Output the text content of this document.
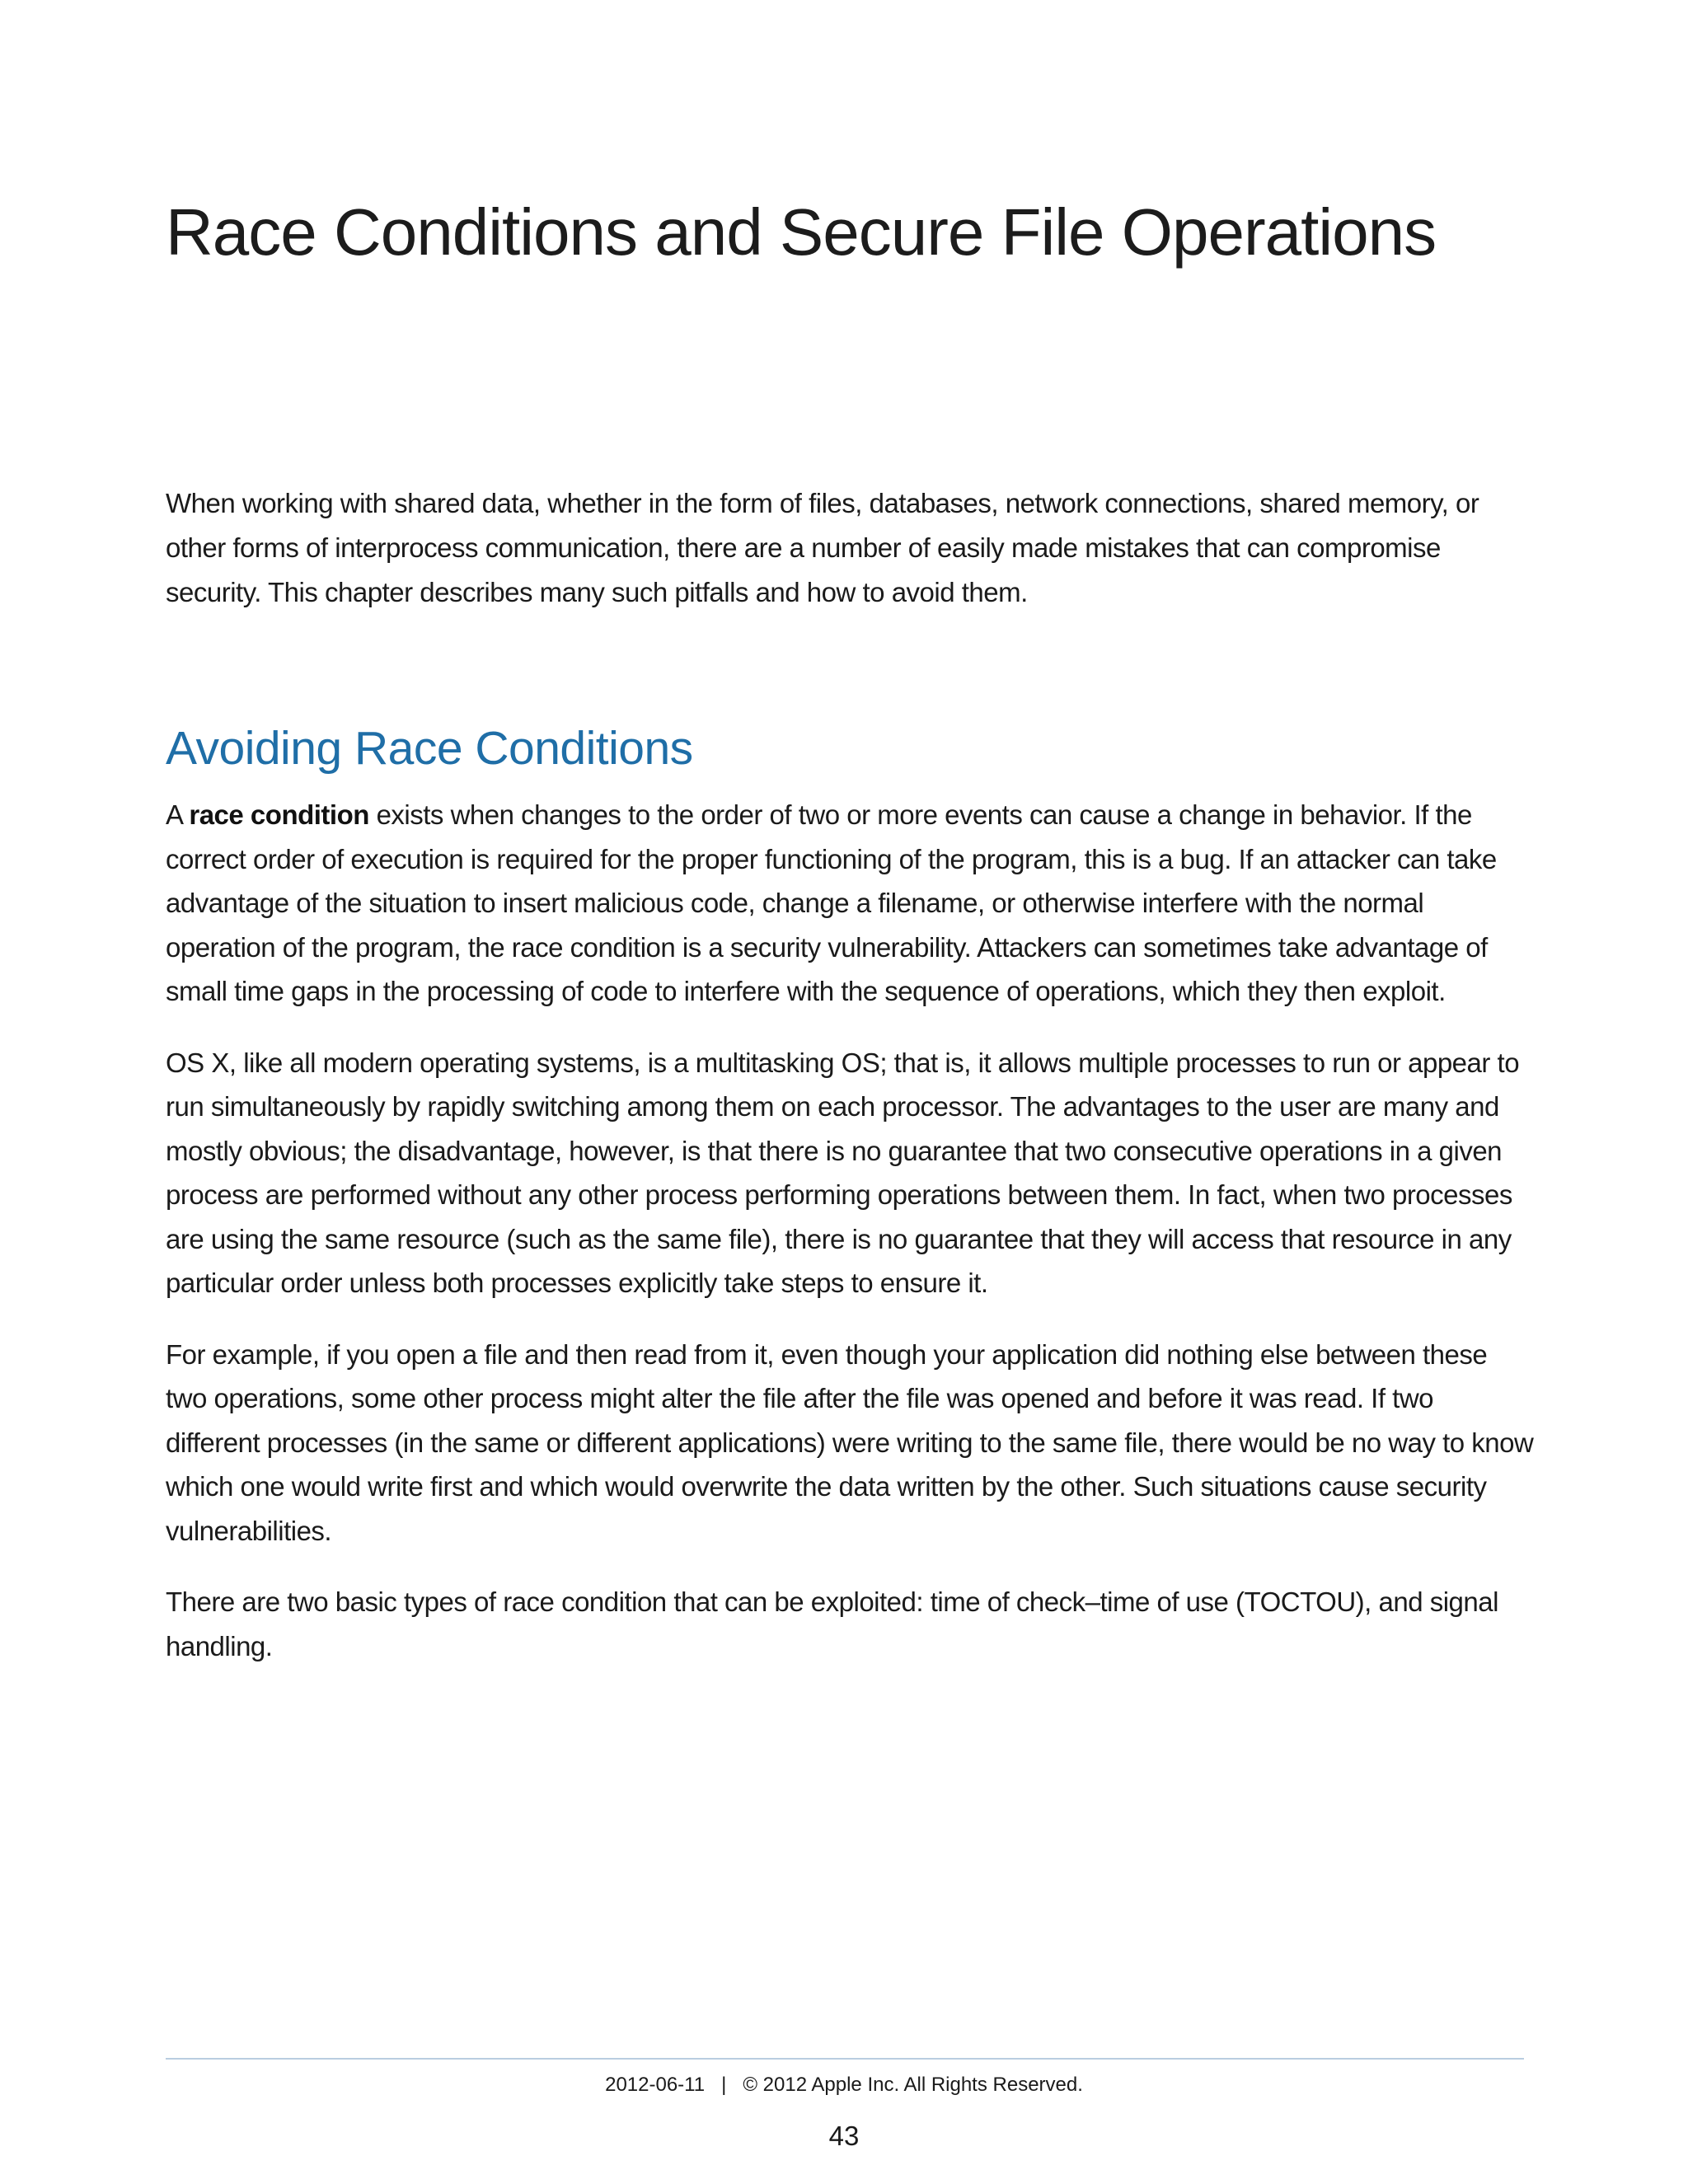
Race Conditions and Secure File Operations

When working with shared data, whether in the form of files, databases, network connections, shared memory, or other forms of interprocess communication, there are a number of easily made mistakes that can compromise security. This chapter describes many such pitfalls and how to avoid them.

Avoiding Race Conditions

A race condition exists when changes to the order of two or more events can cause a change in behavior. If the correct order of execution is required for the proper functioning of the program, this is a bug. If an attacker can take advantage of the situation to insert malicious code, change a filename, or otherwise interfere with the normal operation of the program, the race condition is a security vulnerability. Attackers can sometimes take advantage of small time gaps in the processing of code to interfere with the sequence of operations, which they then exploit.

OS X, like all modern operating systems, is a multitasking OS; that is, it allows multiple processes to run or appear to run simultaneously by rapidly switching among them on each processor. The advantages to the user are many and mostly obvious; the disadvantage, however, is that there is no guarantee that two consecutive operations in a given process are performed without any other process performing operations between them. In fact, when two processes are using the same resource (such as the same file), there is no guarantee that they will access that resource in any particular order unless both processes explicitly take steps to ensure it.

For example, if you open a file and then read from it, even though your application did nothing else between these two operations, some other process might alter the file after the file was opened and before it was read. If two different processes (in the same or different applications) were writing to the same file, there would be no way to know which one would write first and which would overwrite the data written by the other. Such situations cause security vulnerabilities.

There are two basic types of race condition that can be exploited: time of check–time of use (TOCTOU), and signal handling.

2012-06-11 | © 2012 Apple Inc. All Rights Reserved.
43
